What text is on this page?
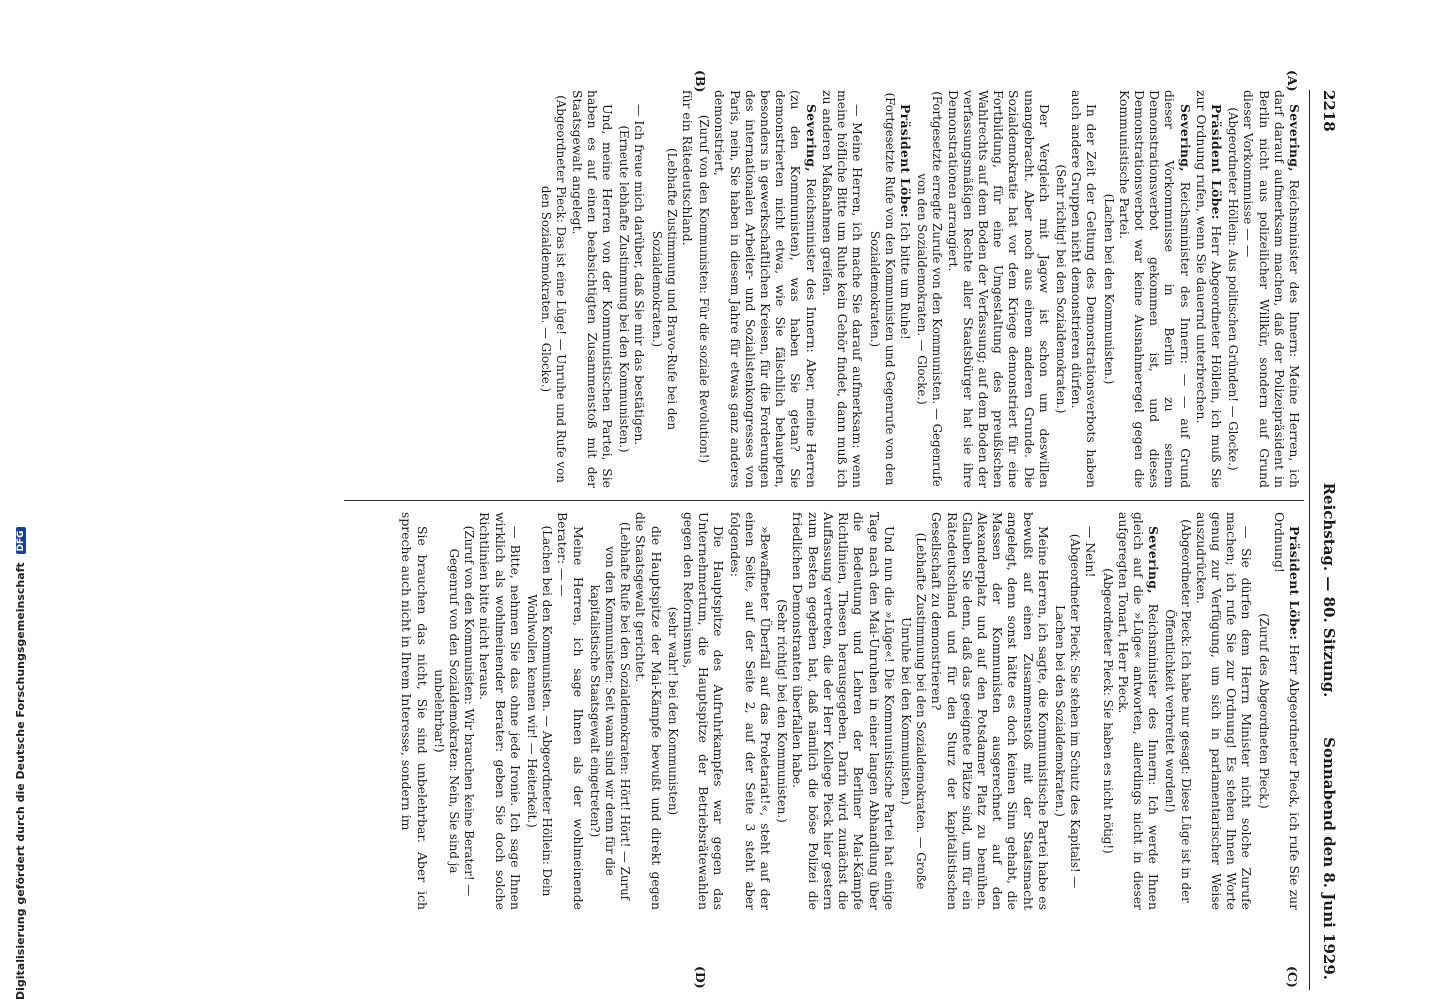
2218
Reichstag. — 80. Sitzung.
Sonnabend den 8. Juni 1929.
(A)
(B)
(C)
(D)

Severing, Reichsminister des Innern: Meine Herren, ich darf darauf aufmerksam machen, daß der Polizeipräsident in Berlin nicht aus polizeilicher Willkür, sondern auf Grund dieser Vorkommnisse — —

(Abgeordneter Höllein: Aus politischen Gründen! — Glocke.)

Präsident Löbe: Herr Abgeordneter Höllein, ich muß Sie zur Ordnung rufen, wenn Sie dauernd unterbrechen.

Severing, Reichsminister des Innern: — — auf Grund dieser Vorkommnisse in Berlin zu seinem Demonstrationsverbot gekommen ist, und dieses Demonstrationsverbot war keine Ausnahmeregel gegen die Kommunistische Partei.

(Lachen bei den Kommunisten.)

In der Zeit der Geltung des Demonstrationsverbots haben auch andere Gruppen nicht demonstrieren dürfen.

(Sehr richtig! bei den Sozialdemokraten.)

Der Vergleich mit Jagow ist schon um deswillen unangebracht. Aber noch aus einem anderen Grunde. Die Sozialdemokratie hat vor dem Kriege demonstriert für eine Fortbildung, für eine Umgestaltung des preußischen Wahlrechts auf dem Boden der Verfassung; auf dem Boden der verfassungsmäßigen Rechte aller Staatsbürger hat sie ihre Demonstrationen arrangiert.

(Fortgesetzte erregte Zurufe von den Kommunisten. — Gegenrufe von den Sozialdemokraten. — Glocke.)

Präsident Löbe: Ich bitte um Ruhe!

(Fortgesetzte Rufe von den Kommunisten und Gegenrufe von den Sozialdemokraten.)

— Meine Herren, ich mache Sie darauf aufmerksam: wenn meine höfliche Bitte um Ruhe kein Gehör findet, dann muß ich zu anderen Maßnahmen greifen.

Severing, Reichsminister des Innern: Aber, meine Herren (zu den Kommunisten), was haben Sie getan? Sie demonstrierten nicht etwa, wie Sie fälschlich behaupten, besonders in gewerkschaftlichen Kreisen, für die Forderungen des internationalen Arbeiter- und Sozialistenkongresses von Paris, nein, Sie haben in diesem Jahre für etwas ganz anderes demonstriert,

(Zuruf von den Kommunisten: Für die soziale Revolution!)

für ein Rätedeutschland.

(Lebhafte Zustimmung und Bravo-Rufe bei den Sozialdemokraten.)

— Ich freue mich darüber, daß Sie mir das bestätigen.

(Erneute lebhafte Zustimmung bei den Kommunisten.)

Und, meine Herren von der Kommunistischen Partei, Sie haben es auf einen beabsichtigten Zusammenstoß mit der Staatsgewalt angelegt.

(Abgeordneter Pieck: Das ist eine Lüge! — Unruhe und Rufe von den Sozialdemokraten. — Glocke.)

Präsident Löbe: Herr Abgeordneter Pieck, ich rufe Sie zur Ordnung!

(Zuruf des Abgeordneten Pieck.)

— Sie dürfen dem Herrn Minister nicht solche Zurufe machen; ich rufe Sie zur Ordnung! Es stehen Ihnen Worte genug zur Verfügung, um sich in parlamentarischer Weise auszudrücken.

(Abgeordneter Pieck: Ich habe nur gesagt: Diese Lüge ist in der Öffentlichkeit verbreitet worden!)

Severing, Reichsminister des Innern: Ich werde Ihnen gleich auf die »Lüge« antworten, allerdings nicht in dieser aufgeregten Tonart, Herr Pieck.

(Abgeordneter Pieck: Sie haben es nicht nötig!)

— Nein!

(Abgeordneter Pieck: Sie stehen im Schutz des Kapitals! — Lachen bei den Sozialdemokraten.)

Meine Herren, ich sagte, die Kommunistische Partei habe es bewußt auf einen Zusammenstoß mit der Staatsmacht angelegt, denn sonst hätte es doch keinen Sinn gehabt, die Massen der Kommunisten ausgerechnet auf den Alexanderplatz und auf den Potsdamer Platz zu bemühen. Glauben Sie denn, daß das geeignete Plätze sind, um für ein Rätedeutschland und für den Sturz der kapitalistischen Gesellschaft zu demonstrieren?

(Lebhafte Zustimmung bei den Sozialdemokraten. — Große Unruhe bei den Kommunisten.)

Und nun die »Lüge«! Die Kommunistische Partei hat einige Tage nach den Mai-Unruhen in einer langen Abhandlung über die Bedeutung und Lehren der Berliner Mai-Kämpfe Richtlinien, Thesen herausgegeben. Darin wird zunächst die Auffassung vertreten, die der Herr Kollege Pieck hier gestern zum Besten gegeben hat, daß nämlich die böse Polizei die friedlichen Demonstranten überfallen habe.

(Sehr richtig! bei den Kommunisten.)

»Bewaffneter Überfall auf das Proletariat!«, steht auf der einen Seite, auf der Seite 2, auf der Seite 3 steht aber folgendes:

Die Hauptspitze des Aufruhrkampfes war gegen das Unternehmertum, die Hauptspitze der Betriebsrätewahlen gegen den Reformismus,

(sehr wahr! bei den Kommunisten)

die Hauptspitze der Mai-Kämpfe bewußt und direkt gegen die Staatsgewalt gerichtet.

(Lebhafte Rufe bei den Sozialdemokraten: Hört! Hört! — Zuruf von den Kommunisten: Seit wann sind wir denn für die kapitalistische Staatsgewalt eingetreten?)

Meine Herren, ich sage Ihnen als der wohlmeinende Berater: — —

(Lachen bei den Kommunisten. — Abgeordneter Höllein: Dein Wohlwollen kennen wir! — Heiterkeit.)

— Bitte, nehmen Sie das ohne jede Ironie. Ich sage Ihnen wirklich als wohlmeinender Berater: geben Sie doch solche Richtlinien bitte nicht heraus.

(Zuruf von den Kommunisten: Wir brauchen keine Berater! — Gegenruf von den Sozialdemokraten: Nein, Sie sind ja unbelehrbar!)

Sie brauchen das nicht, Sie sind unbelehrbar. Aber ich spreche auch nicht in Ihrem Interesse, sondern im

Digitalisierung gefördert durch die Deutsche Forschungsgemeinschaft DFG
